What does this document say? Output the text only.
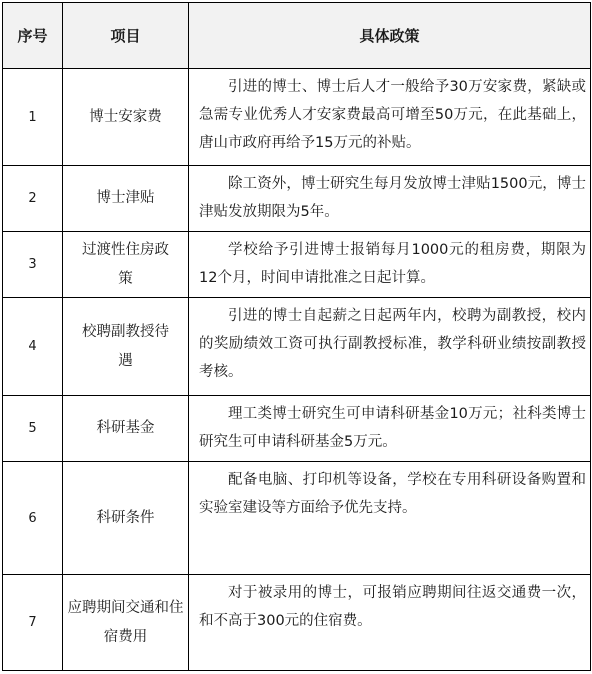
序号	项目	具体政策
1	博士安家费	引进的博士、博士后人才一般给予30万安家费，紧缺或急需专业优秀人才安家费最高可增至50万元，在此基础上，唐山市政府再给予15万元的补贴。
2	博士津贴	除工资外，博士研究生每月发放博士津贴1500元，博士津贴发放期限为5年。
3	过渡性住房政策	学校给予引进博士报销每月1000元的租房费，期限为12个月，时间申请批准之日起计算。
4	校聘副教授待遇	引进的博士自起薪之日起两年内，校聘为副教授，校内的奖励绩效工资可执行副教授标准，教学科研业绩按副教授考核。
5	科研基金	理工类博士研究生可申请科研基金10万元；社科类博士研究生可申请科研基金5万元。
6	科研条件	配备电脑、打印机等设备，学校在专用科研设备购置和实验室建设等方面给予优先支持。
7	应聘期间交通和住宿费用	对于被录用的博士，可报销应聘期间往返交通费一次，和不高于300元的住宿费。
